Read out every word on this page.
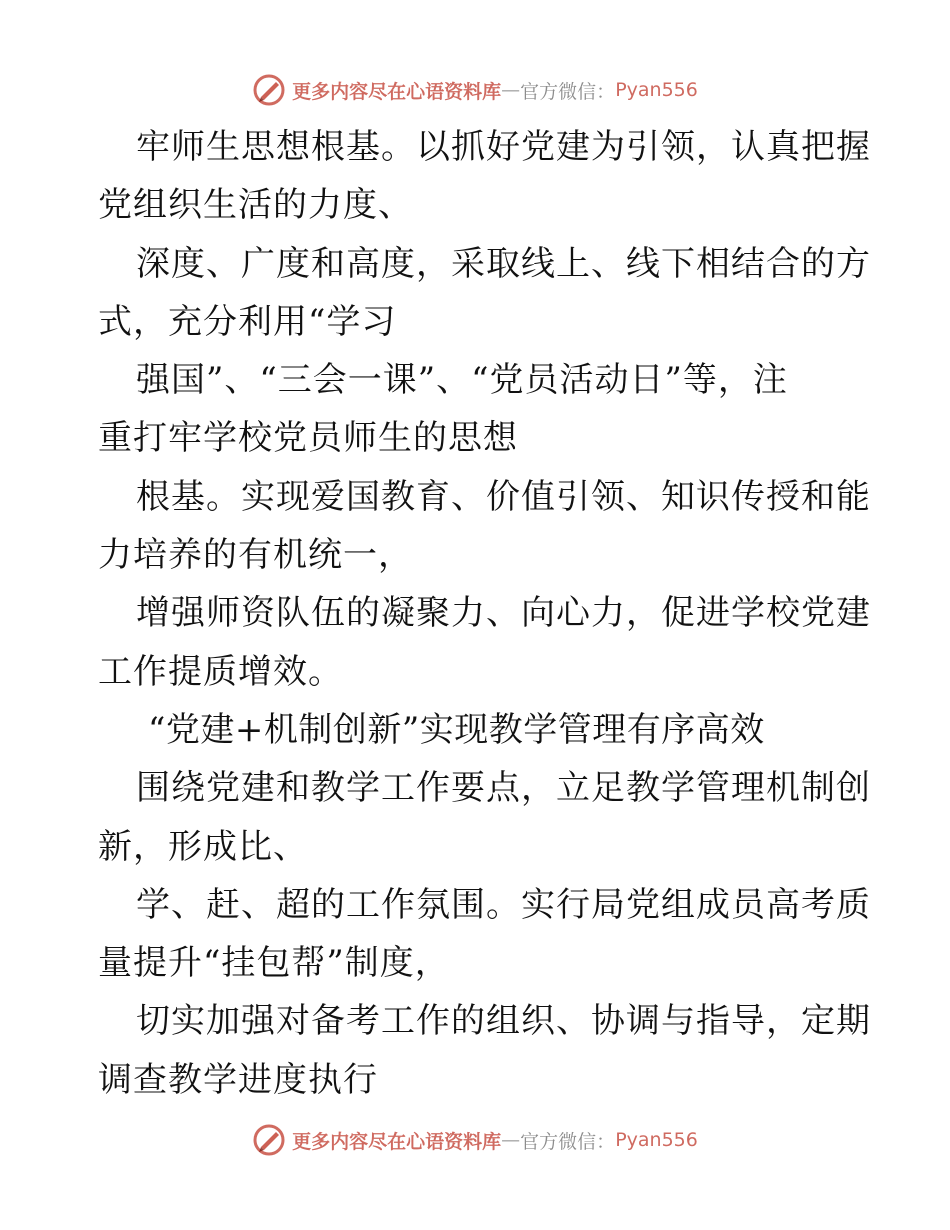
更多内容尽在心语资料库 — 官方微信： Pyan556
牢师生思想根基。以抓好党建为引领，认真把握
党组织生活的力度、
深度、广度和高度，采取线上、线下相结合的方
式，充分利用“学习
强国”、“三会一课”、“党员活动日”等，注
重打牢学校党员师生的思想
根基。实现爱国教育、价值引领、知识传授和能
力培养的有机统一，
增强师资队伍的凝聚力、向心力，促进学校党建
工作提质增效。
“党建+机制创新”实现教学管理有序高效
围绕党建和教学工作要点，立足教学管理机制创
新，形成比、
学、赶、超的工作氛围。实行局党组成员高考质
量提升“挂包帮”制度，
切实加强对备考工作的组织、协调与指导，定期
调查教学进度执行
更多内容尽在心语资料库 — 官方微信： Pyan556
